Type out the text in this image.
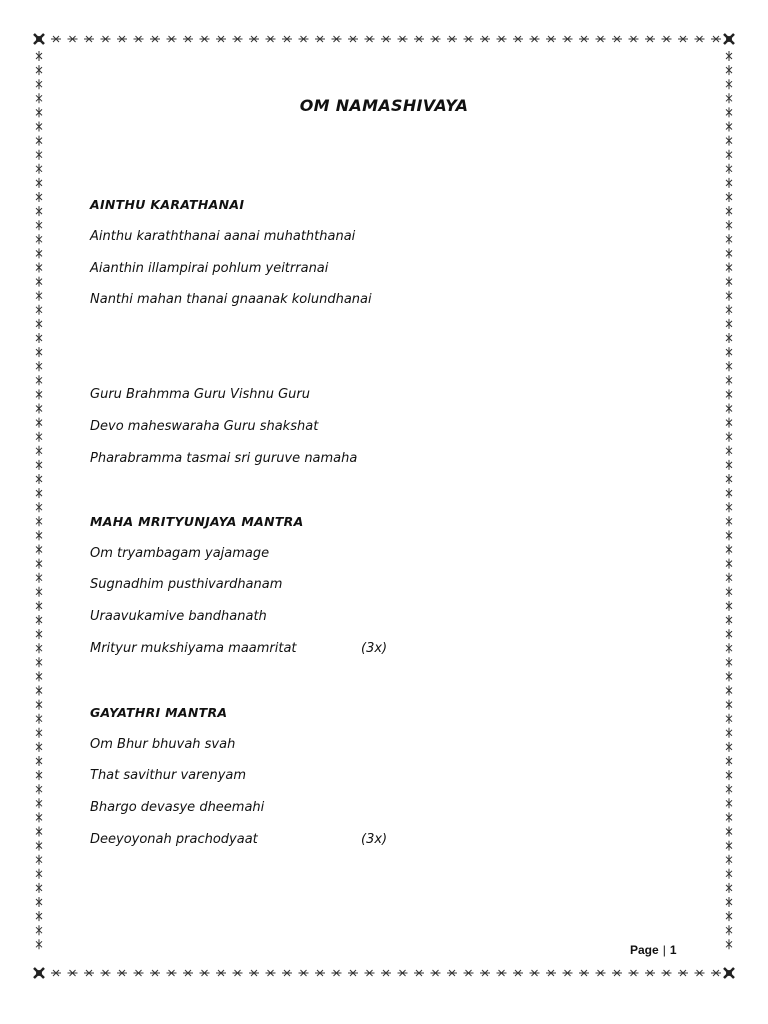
OM NAMASHIVAYA
AINTHU KARATHANAI
Ainthu karaththanai aanai muhaththanai
Aianthin illampirai pohlum yeitrranai
Nanthi mahan thanai gnaanak kolundhanai
Guru Brahmma Guru Vishnu Guru
Devo maheswaraha Guru shakshat
Pharabramma tasmai sri guruve namaha
MAHA MRITYUNJAYA MANTRA
Om tryambagam yajamage
Sugnadhim pusthivardhanam
Uraavukamive bandhanath
Mrityur mukshiyama maamritat	(3x)
GAYATHRI MANTRA
Om Bhur bhuvah svah
That savithur varenyam
Bhargo devasye dheemahi
Deeyoyonah prachodyaat	(3x)
Page | 1
